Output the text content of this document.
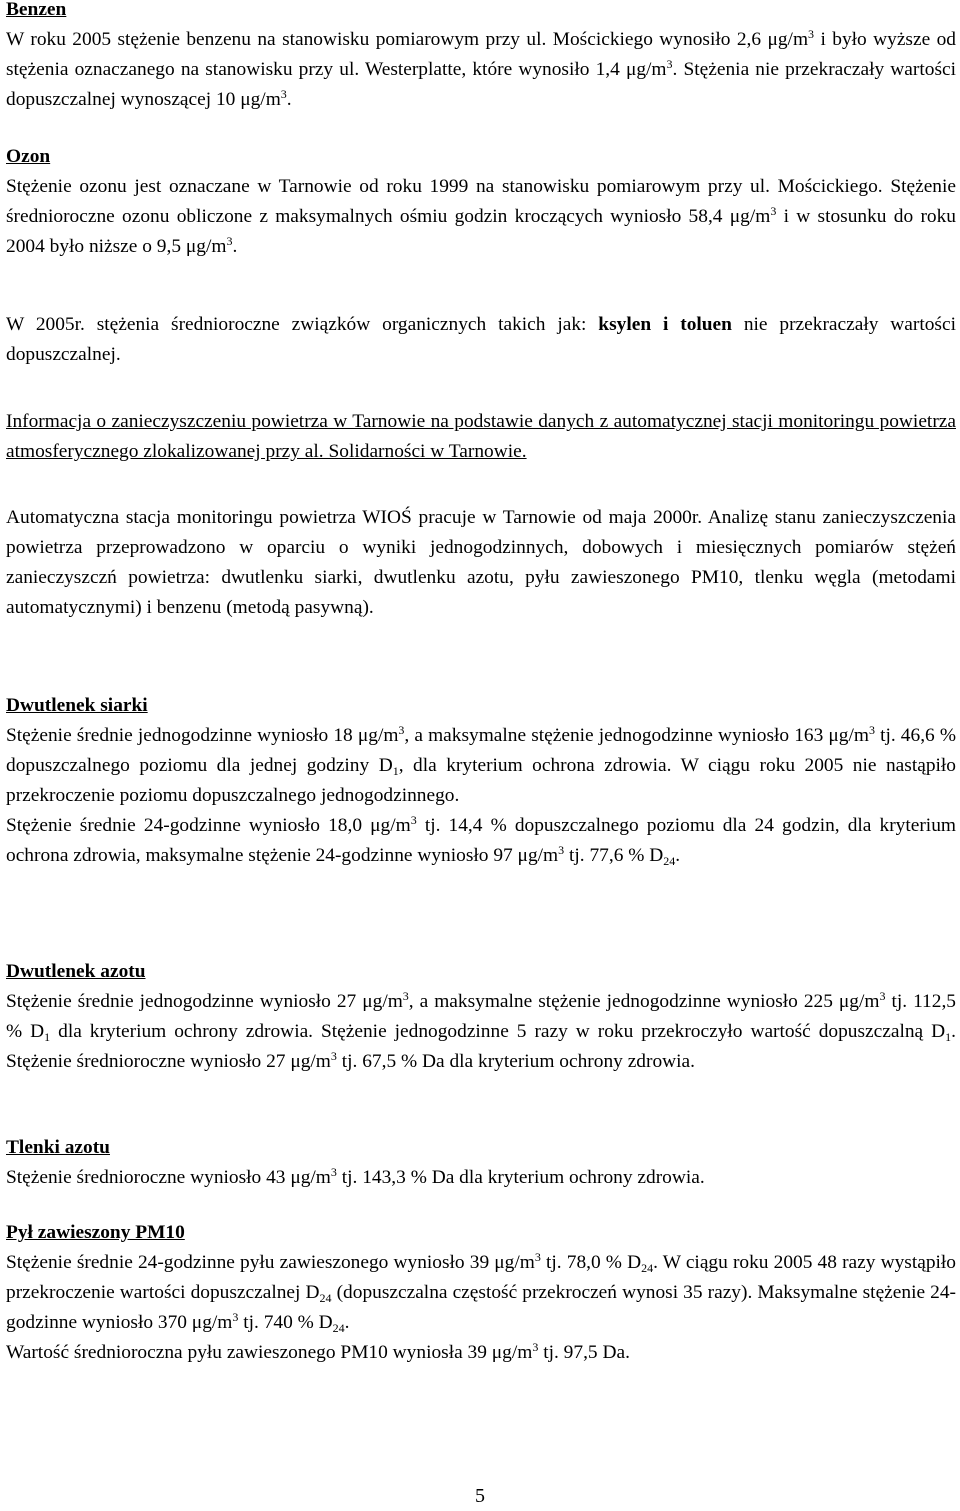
Benzen
W roku 2005 stężenie benzenu na stanowisku pomiarowym przy ul. Mościckiego wynosiło 2,6 $\mu g/m^3$ i było wyższe od stężenia oznaczanego na stanowisku przy ul. Westerplatte, które wynosiło 1,4 $\mu g/m^3$. Stężenia nie przekraczały wartości dopuszczalnej wynoszącej 10 $\mu g/m^3$.

Ozon
Stężenie ozonu jest oznaczane w Tarnowie od roku 1999 na stanowisku pomiarowym przy ul. Mościckiego. Stężenie średnioroczne ozonu obliczone z maksymalnych ośmiu godzin kroczących wyniosło 58,4 $\mu g/m^3$ i w stosunku do roku 2004 było niższe o 9,5 $\mu g/m^3$.

W 2005r. stężenia średnioroczne związków organicznych takich jak: ksylen i toluen nie przekraczały wartości dopuszczalnej.

Informacja o zanieczyszczeniu powietrza w Tarnowie na podstawie danych z automatycznej stacji monitoringu powietrza atmosferycznego zlokalizowanej przy al. Solidarności w Tarnowie.

Automatyczna stacja monitoringu powietrza WIOŚ pracuje w Tarnowie od maja 2000r. Analizę stanu zanieczyszczenia powietrza przeprowadzono w oparciu o wyniki jednogodzinnych, dobowych i miesięcznych pomiarów stężeń zanieczyszczń powietrza: dwutlenku siarki, dwutlenku azotu, pyłu zawieszonego PM10, tlenku węgla (metodami automatycznymi) i benzenu (metodą pasywną).

Dwutlenek siarki
Stężenie średnie jednogodzinne wyniosło 18 $\mu g/m^3$, a maksymalne stężenie jednogodzinne wyniosło 163 $\mu g/m^3$ tj. 46,6 % dopuszczalnego poziomu dla jednej godziny $D_1$, dla kryterium ochrona zdrowia. W ciągu roku 2005 nie nastąpiło przekroczenie poziomu dopuszczalnego jednogodzinnego.
Stężenie średnie 24-godzinne wyniosło 18,0 $\mu g/m^3$ tj. 14,4 % dopuszczalnego poziomu dla 24 godzin, dla kryterium ochrona zdrowia, maksymalne stężenie 24-godzinne wyniosło 97 $\mu g/m^3$ tj. 77,6 % $D_{24}$.

Dwutlenek azotu
Stężenie średnie jednogodzinne wyniosło 27 $\mu g/m^3$, a maksymalne stężenie jednogodzinne wyniosło 225 $\mu g/m^3$ tj. 112,5 % $D_1$ dla kryterium ochrony zdrowia. Stężenie jednogodzinne 5 razy w roku przekroczyło wartość dopuszczalną $D_1$. Stężenie średnioroczne wyniosło 27 $\mu g/m^3$ tj. 67,5 % Da dla kryterium ochrony zdrowia.

Tlenki azotu
Stężenie średnioroczne wyniosło 43 $\mu g/m^3$ tj. 143,3 % Da dla kryterium ochrony zdrowia.

Pył zawieszony PM10
Stężenie średnie 24-godzinne pyłu zawieszonego wyniosło 39 $\mu g/m^3$ tj. 78,0 % $D_{24}$. W ciągu roku 2005 48 razy wystąpiło przekroczenie wartości dopuszczalnej $D_{24}$ (dopuszczalna częstość przekroczeń wynosi 35 razy). Maksymalne stężenie 24-godzinne wyniosło 370 $\mu g/m^3$ tj. 740 % $D_{24}$.
Wartość średnioroczna pyłu zawieszonego PM10 wyniosła 39 $\mu g/m^3$ tj. 97,5 Da.

5
